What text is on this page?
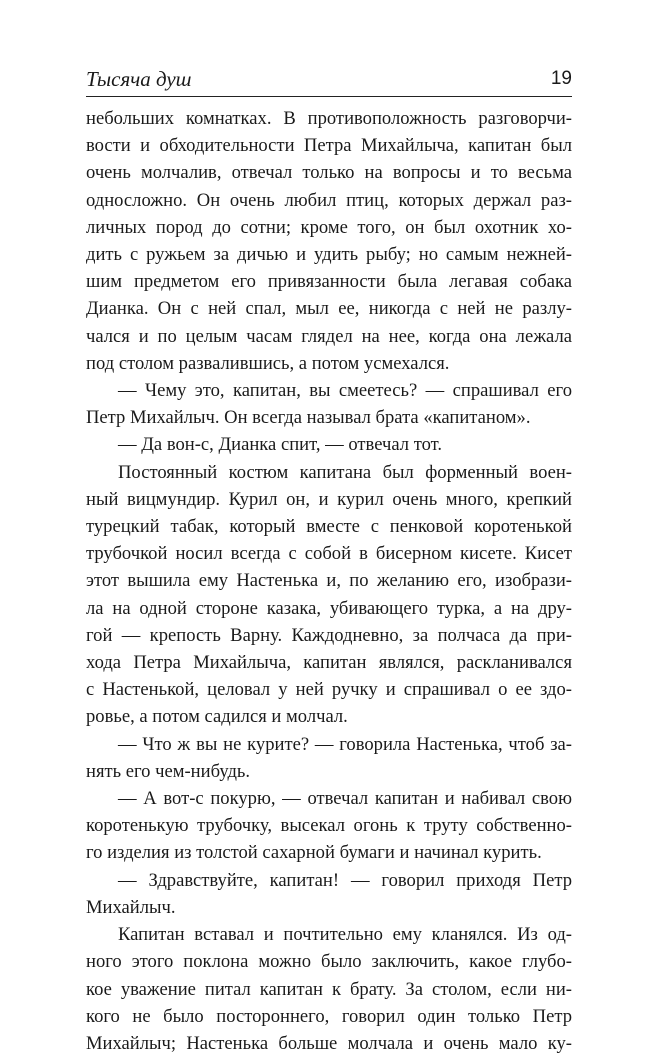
Тысяча душ	19
небольших комнатках. В противоположность разговорчи-
вости и обходительности Петра Михайлыча, капитан был
очень молчалив, отвечал только на вопросы и то весьма
односложно. Он очень любил птиц, которых держал раз-
личных пород до сотни; кроме того, он был охотник хо-
дить с ружьем за дичью и удить рыбу; но самым нежней-
шим предметом его привязанности была легавая собака
Дианка. Он с ней спал, мыл ее, никогда с ней не разлу-
чался и по целым часам глядел на нее, когда она лежала
под столом развалившись, а потом усмехался.
— Чему это, капитан, вы смеетесь? — спрашивал его
Петр Михайлыч. Он всегда называл брата «капитаном».
— Да вон-с, Дианка спит, — отвечал тот.
Постоянный костюм капитана был форменный воен-
ный вицмундир. Курил он, и курил очень много, крепкий
турецкий табак, который вместе с пенковой коротенькой
трубочкой носил всегда с собой в бисерном кисете. Кисет
этот вышила ему Настенька и, по желанию его, изобрази-
ла на одной стороне казака, убивающего турка, а на дру-
гой — крепость Варну. Каждодневно, за полчаса да при-
хода Петра Михайлыча, капитан являлся, раскланивался
с Настенькой, целовал у ней ручку и спрашивал о ее здо-
ровье, а потом садился и молчал.
— Что ж вы не курите? — говорила Настенька, чтоб за-
нять его чем-нибудь.
— А вот-с покурю, — отвечал капитан и набивал свою
коротенькую трубочку, высекал огонь к труту собственно-
го изделия из толстой сахарной бумаги и начинал курить.
— Здравствуйте, капитан! — говорил приходя Петр
Михайлыч.
Капитан вставал и почтительно ему кланялся. Из од-
ного этого поклона можно было заключить, какое глубо-
кое уважение питал капитан к брату. За столом, если ни-
кого не было постороннего, говорил один только Петр
Михайлыч; Настенька больше молчала и очень мало ку-
